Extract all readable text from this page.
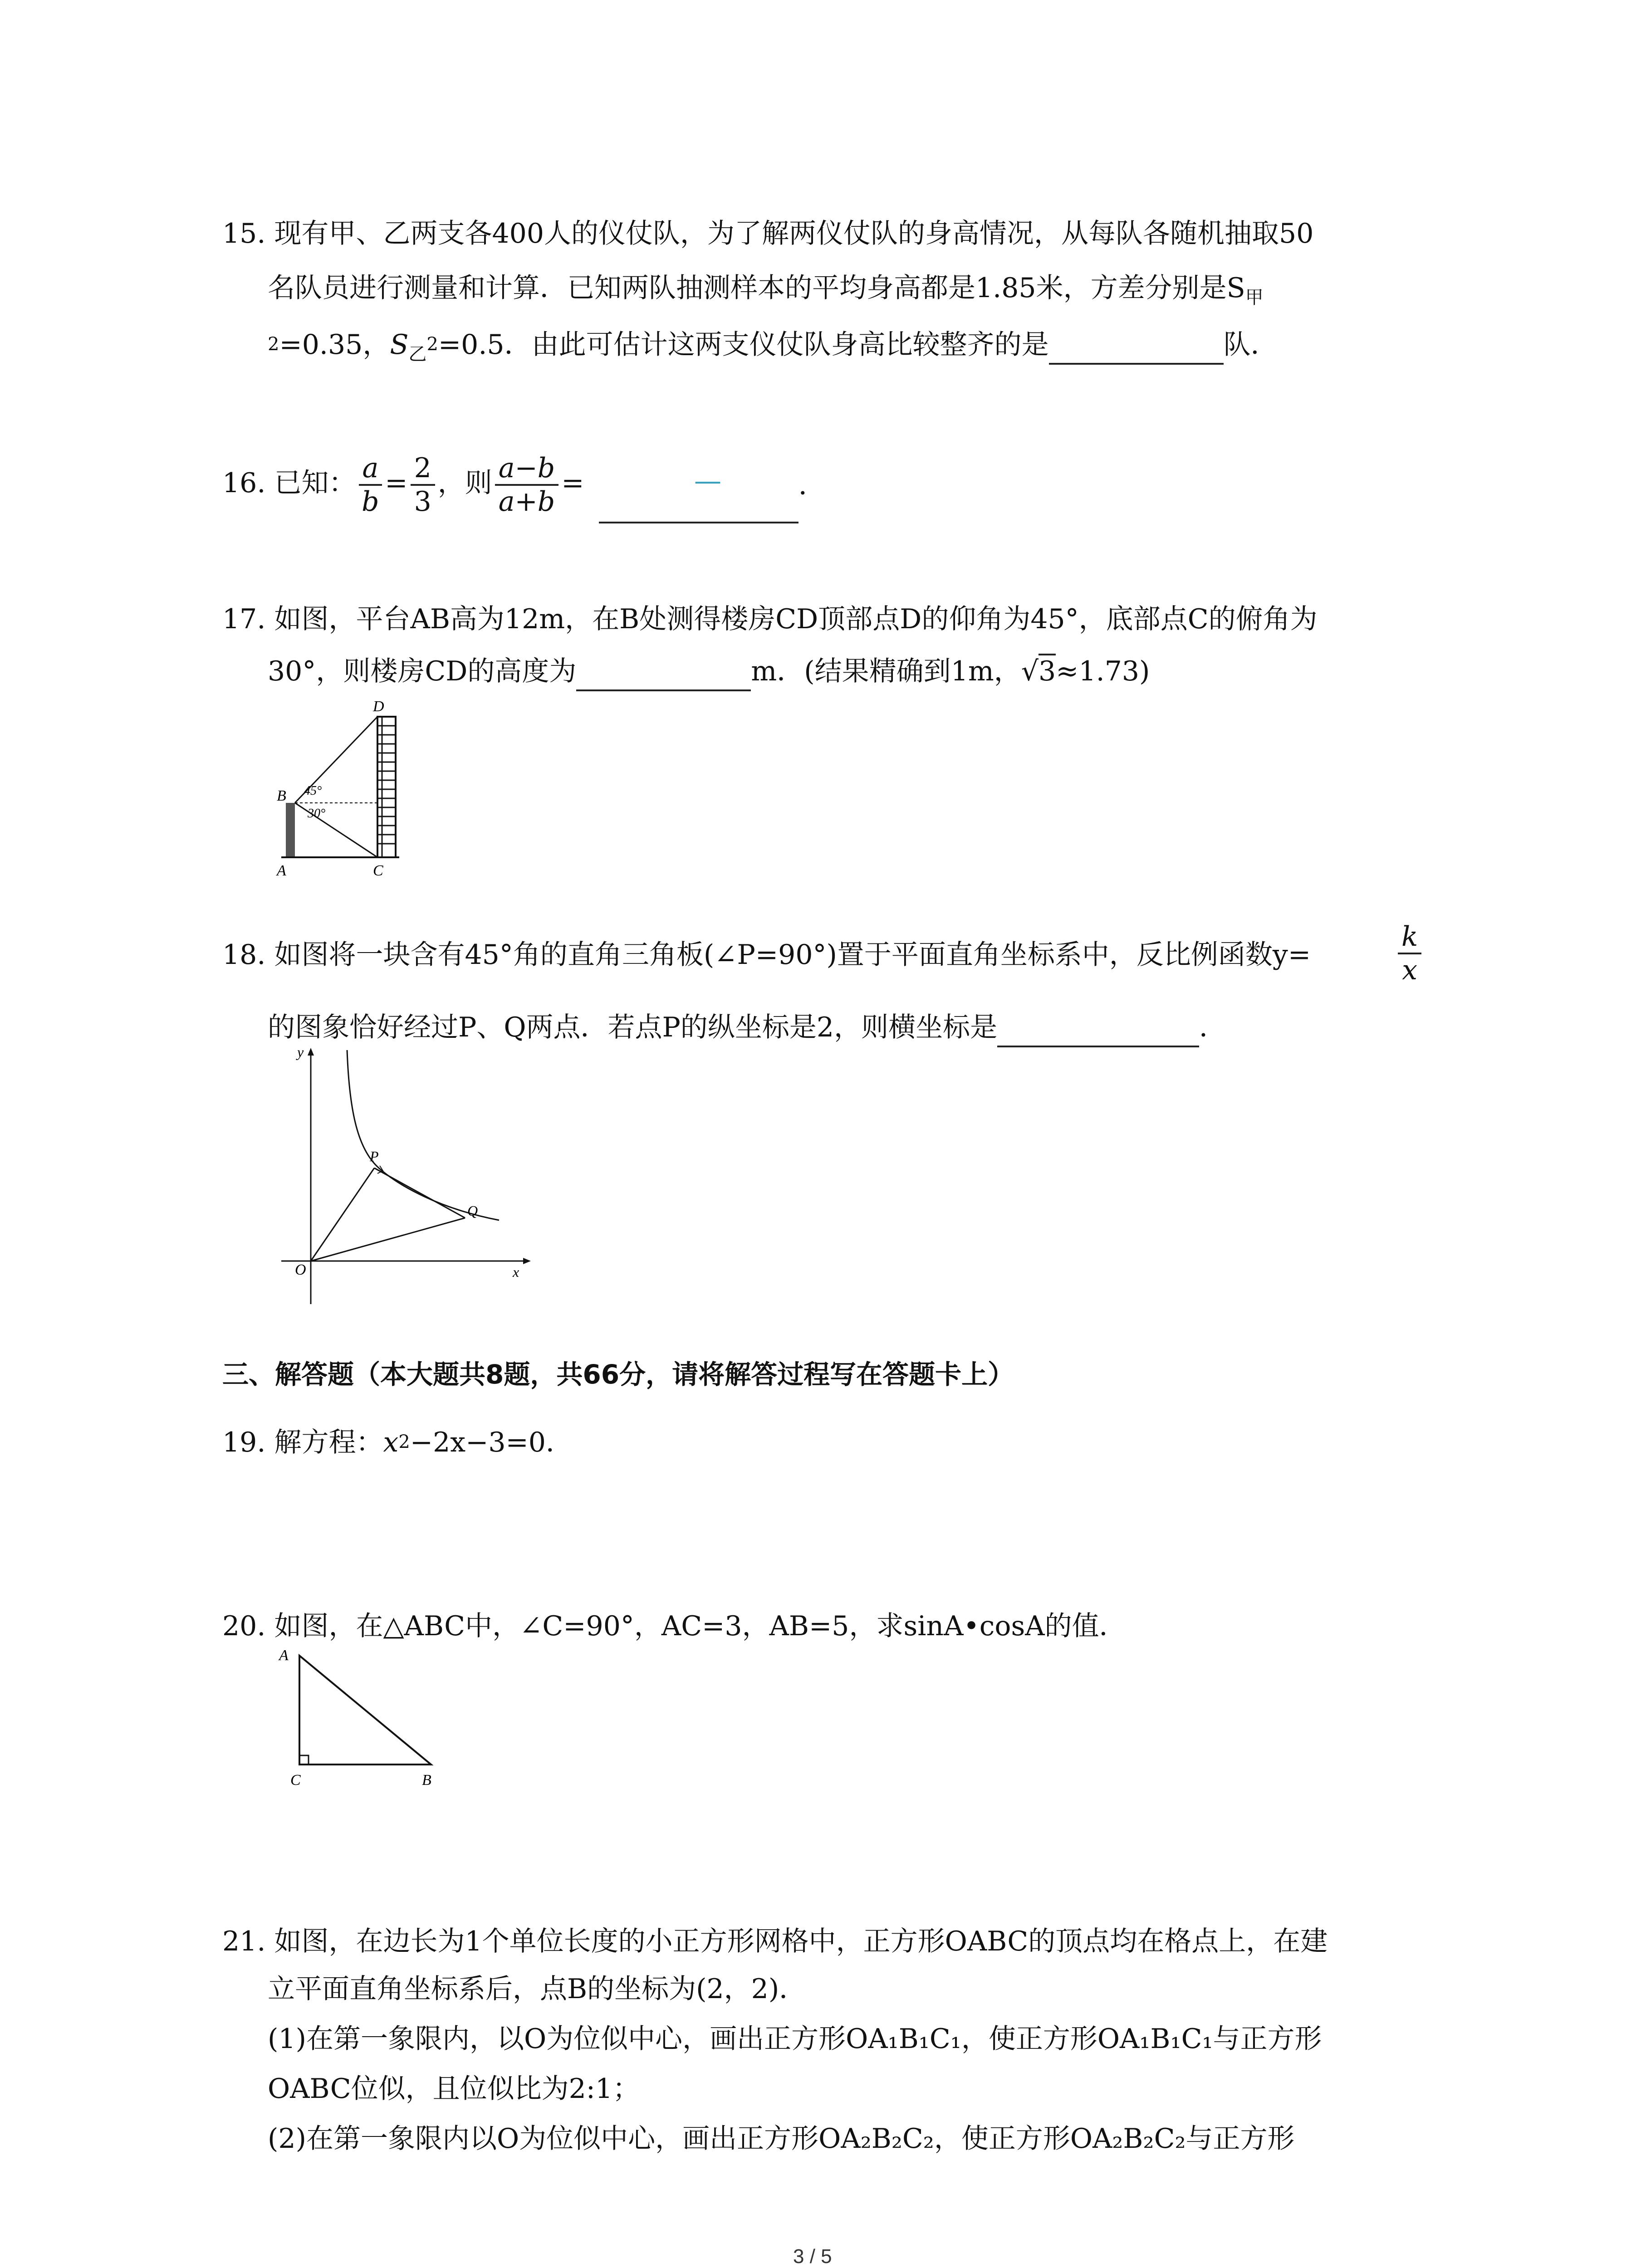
15. 现有甲、乙两支各400人的仪仗队，为了解两仪仗队的身高情况，从每队各随机抽取50
名队员进行测量和计算．已知两队抽测样本的平均身高都是1.85米，方差分别是$S_甲$
$^2$=0.35，$S_乙^2=0.5$．由此可估计这两支仪仗队身高比较整齐的是	队．
16. 已知： $\frac{a}{b} = \frac{2}{3}$ ，则 $\frac{a-b}{a+b}$ =	—	．
17. 如图，平台AB高为12m，在B处测得楼房CD顶部点D的仰角为45°，底部点C的俯角为
30°，则楼房CD的高度为	m．(结果精确到1m，√3≈1.73)
D
B
A	C
45°
30°
18. 如图将一块含有45°角的直角三角板(∠P=90°)置于平面直角坐标系中，反比例函数y=	$\frac{k}{x}$
的图象恰好经过P、Q两点．若点P的纵坐标是2，则横坐标是	．
y
x
O
P
Q
三、解答题（本大题共8题，共66分，请将解答过程写在答题卡上）
19. 解方程：$x^2-2x-3=0$．
20. 如图，在△ABC中，∠C=90°，AC=3，AB=5，求sinA•cosA的值．
A
C	B
21. 如图，在边长为1个单位长度的小正方形网格中，正方形OABC的顶点均在格点上，在建
立平面直角坐标系后，点B的坐标为(2，2)．
(1)在第一象限内，以O为位似中心，画出正方形OA₁B₁C₁，使正方形OA₁B₁C₁与正方形
OABC位似，且位似比为2:1；
(2)在第一象限内以O为位似中心，画出正方形OA₂B₂C₂，使正方形OA₂B₂C₂与正方形
3 / 5
